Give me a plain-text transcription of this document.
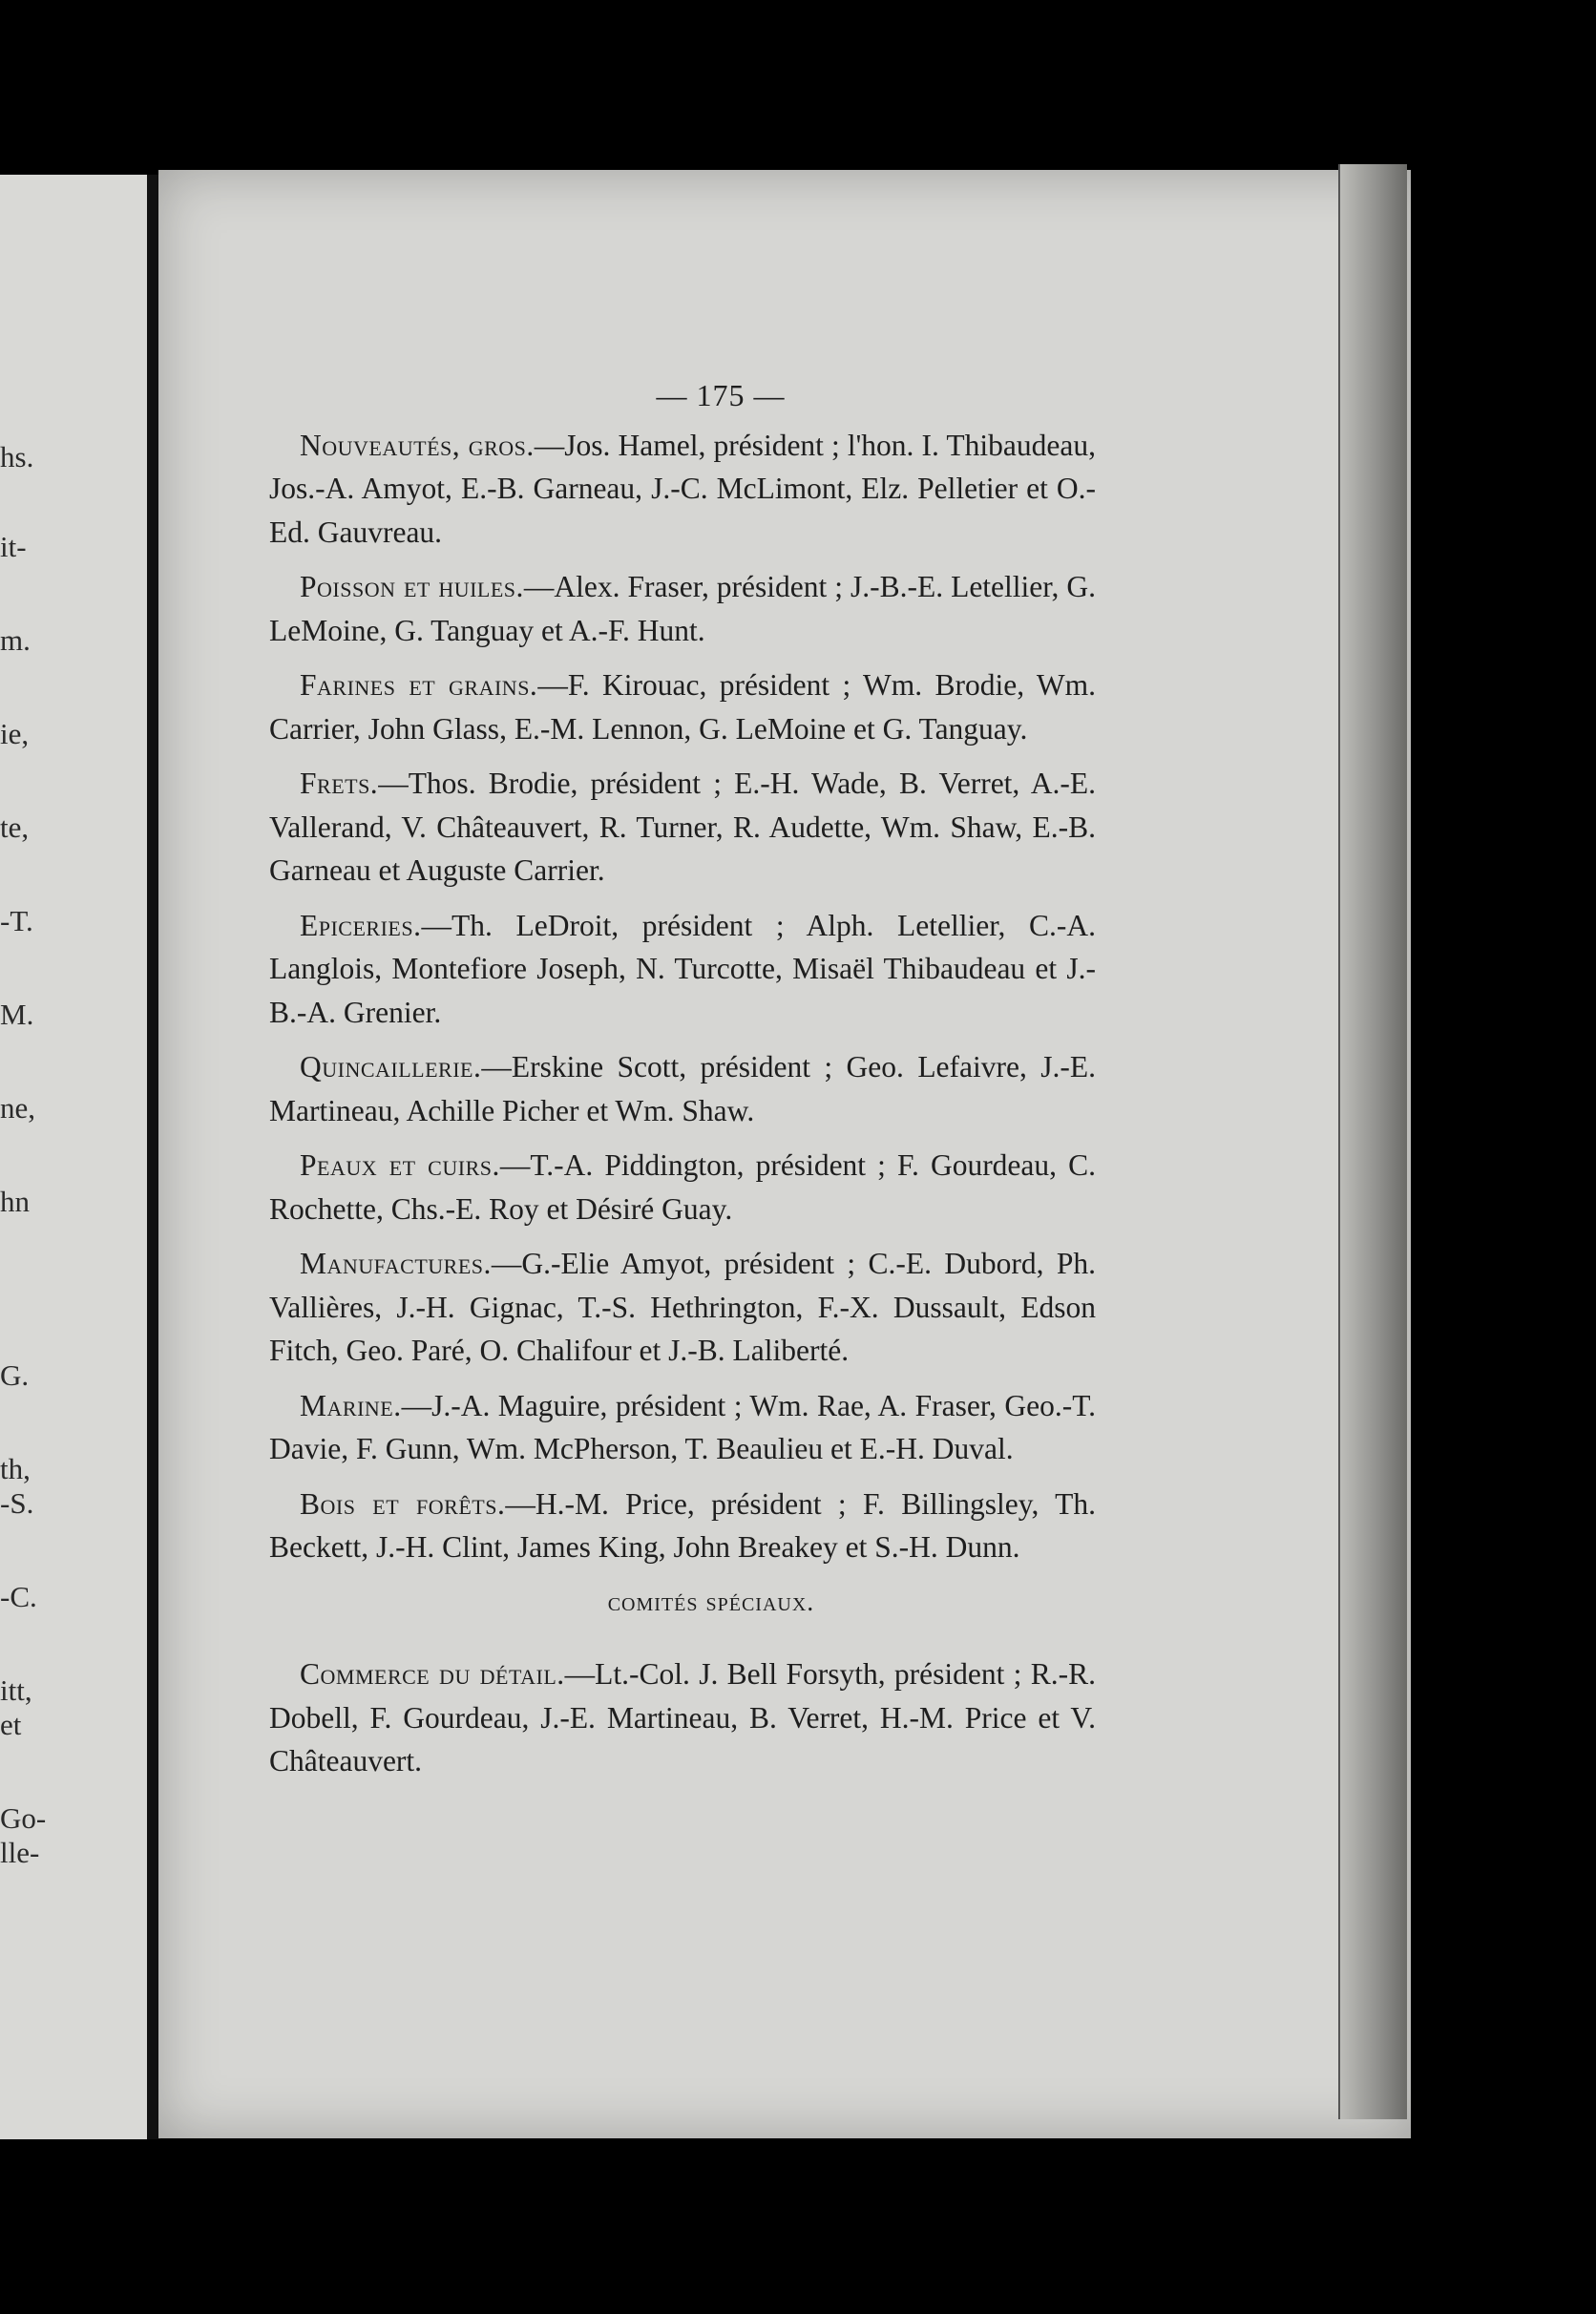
hs.
it-
m.
ie,
te,
-T.
M.
ne,
hn
G.
th,
-S.
-C.
itt,
et
Go-
lle-
— 175 —

Nouveautés, gros.—Jos. Hamel, président ; l'hon. I. Thibaudeau, Jos.-A. Amyot, E.-B. Garneau, J.-C. McLimont, Elz. Pelletier et O.-Ed. Gauvreau.

Poisson et huiles.—Alex. Fraser, président ; J.-B.-E. Letellier, G. LeMoine, G. Tanguay et A.-F. Hunt.

Farines et grains.—F. Kirouac, président ; Wm. Brodie, Wm. Carrier, John Glass, E.-M. Lennon, G. LeMoine et G. Tanguay.

Frets.—Thos. Brodie, président ; E.-H. Wade, B. Verret, A.-E. Vallerand, V. Châteauvert, R. Turner, R. Audette, Wm. Shaw, E.-B. Garneau et Auguste Carrier.

Epiceries.—Th. LeDroit, président ; Alph. Letellier, C.-A. Langlois, Montefiore Joseph, N. Turcotte, Misaël Thibaudeau et J.-B.-A. Grenier.

Quincaillerie.—Erskine Scott, président ; Geo. Lefaivre, J.-E. Martineau, Achille Picher et Wm. Shaw.

Peaux et cuirs.—T.-A. Piddington, président ; F. Gourdeau, C. Rochette, Chs.-E. Roy et Désiré Guay.

Manufactures.—G.-Elie Amyot, président ; C.-E. Dubord, Ph. Vallières, J.-H. Gignac, T.-S. Hethrington, F.-X. Dussault, Edson Fitch, Geo. Paré, O. Chalifour et J.-B. Laliberté.

Marine.—J.-A. Maguire, président ; Wm. Rae, A. Fraser, Geo.-T. Davie, F. Gunn, Wm. McPherson, T. Beaulieu et E.-H. Duval.

Bois et forêts.—H.-M. Price, président ; F. Billingsley, Th. Beckett, J.-H. Clint, James King, John Breakey et S.-H. Dunn.

comités spéciaux.

Commerce du détail.—Lt.-Col. J. Bell Forsyth, président ; R.-R. Dobell, F. Gourdeau, J.-E. Martineau, B. Verret, H.-M. Price et V. Châteauvert.
